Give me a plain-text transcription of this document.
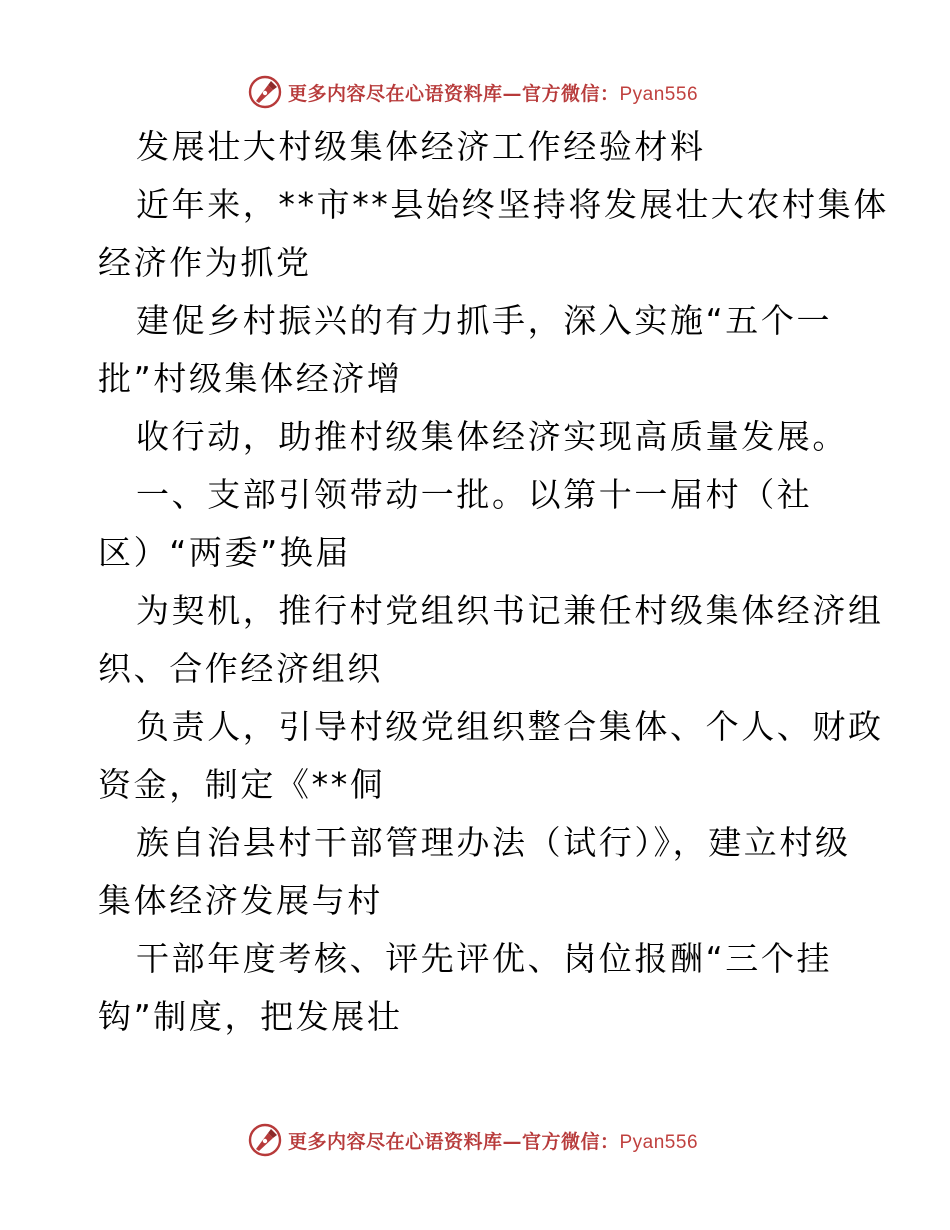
更多内容尽在心语资料库—官方微信：Pyan556
发展壮大村级集体经济工作经验材料
近年来，**市**县始终坚持将发展壮大农村集体
经济作为抓党
建促乡村振兴的有力抓手，深入实施“五个一
批”村级集体经济增
收行动，助推村级集体经济实现高质量发展。
一、支部引领带动一批。以第十一届村（社
区）“两委”换届
为契机，推行村党组织书记兼任村级集体经济组
织、合作经济组织
负责人，引导村级党组织整合集体、个人、财政
资金，制定《**侗
族自治县村干部管理办法（试行）》，建立村级
集体经济发展与村
干部年度考核、评先评优、岗位报酬“三个挂
钩”制度，把发展壮
更多内容尽在心语资料库—官方微信：Pyan556
